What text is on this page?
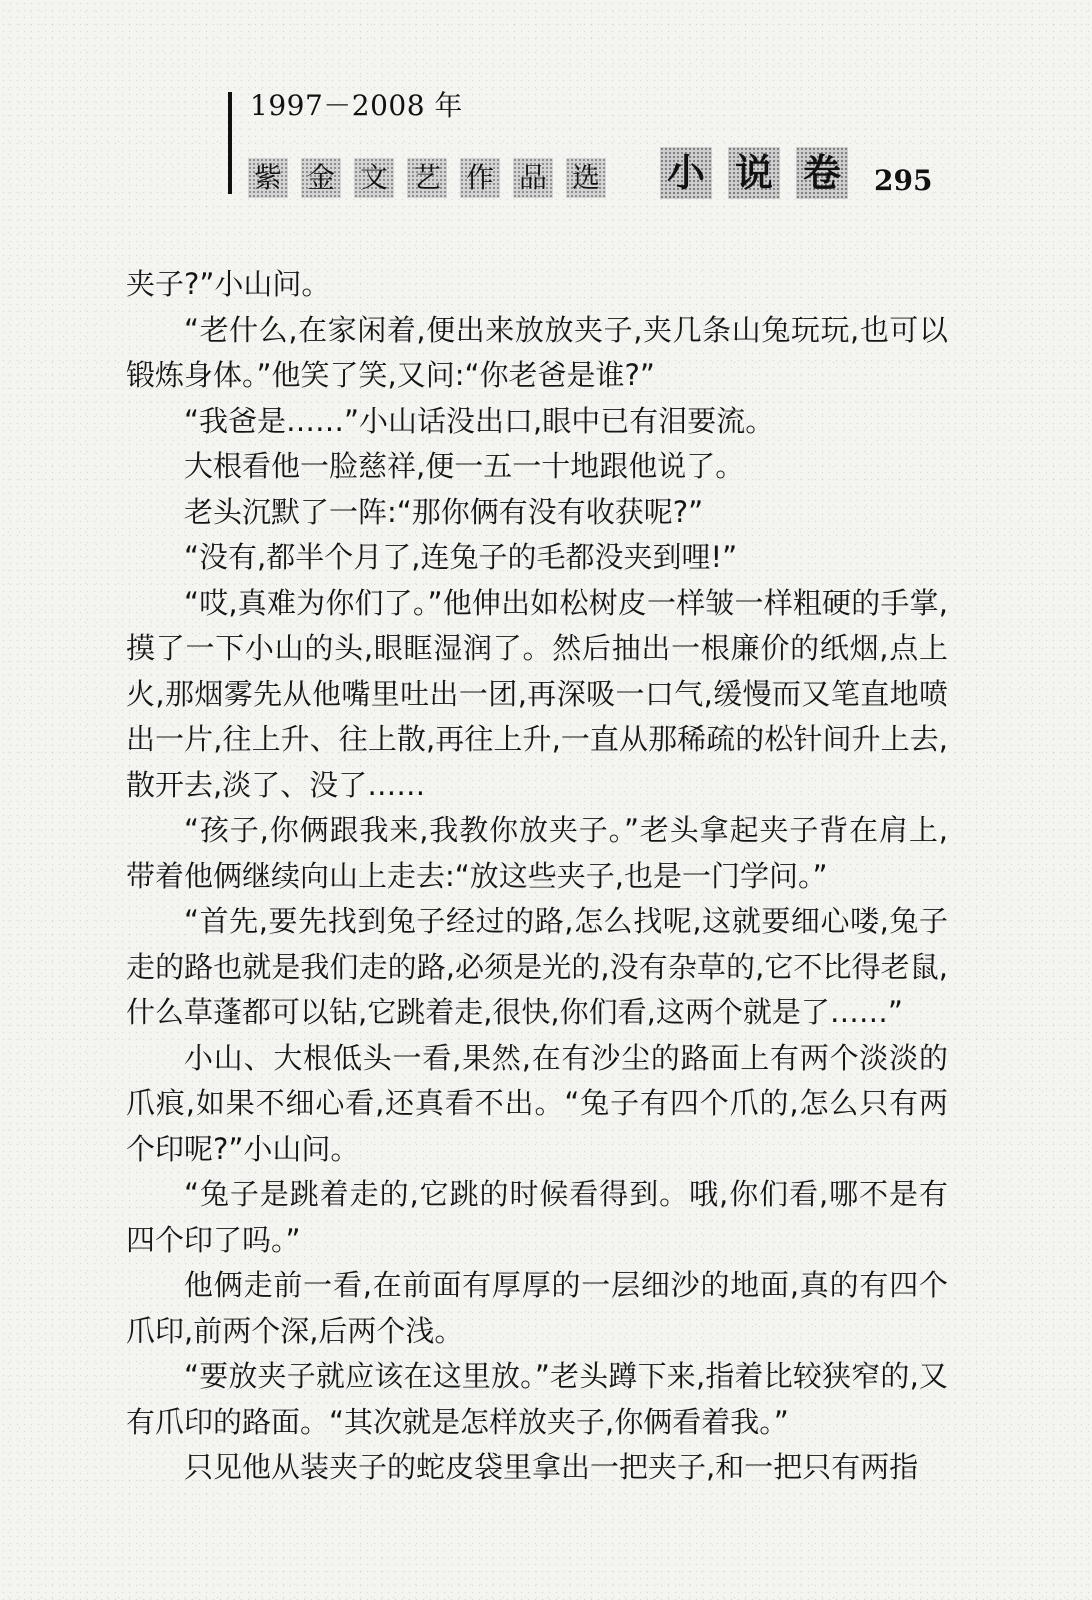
1997－2008 年
紫 金 文 艺 作 品 选 小 说 卷 295

夹子?”小山问。

“老什么,在家闲着,便出来放放夹子,夹几条山兔玩玩,也可以锻炼身体。”他笑了笑,又问:“你老爸是谁?”

“我爸是……”小山话没出口,眼中已有泪要流。

大根看他一脸慈祥,便一五一十地跟他说了。

老头沉默了一阵:“那你俩有没有收获呢?”

“没有,都半个月了,连兔子的毛都没夹到哩!”

“哎,真难为你们了。”他伸出如松树皮一样皱一样粗硬的手掌,摸了一下小山的头,眼眶湿润了。然后抽出一根廉价的纸烟,点上火,那烟雾先从他嘴里吐出一团,再深吸一口气,缓慢而又笔直地喷出一片,往上升、往上散,再往上升,一直从那稀疏的松针间升上去,散开去,淡了、没了……

“孩子,你俩跟我来,我教你放夹子。”老头拿起夹子背在肩上,带着他俩继续向山上走去:“放这些夹子,也是一门学问。”

“首先,要先找到兔子经过的路,怎么找呢,这就要细心喽,兔子走的路也就是我们走的路,必须是光的,没有杂草的,它不比得老鼠,什么草蓬都可以钻,它跳着走,很快,你们看,这两个就是了……”

小山、大根低头一看,果然,在有沙尘的路面上有两个淡淡的爪痕,如果不细心看,还真看不出。“兔子有四个爪的,怎么只有两个印呢?”小山问。

“兔子是跳着走的,它跳的时候看得到。哦,你们看,哪不是有四个印了吗。”

他俩走前一看,在前面有厚厚的一层细沙的地面,真的有四个爪印,前两个深,后两个浅。

“要放夹子就应该在这里放。”老头蹲下来,指着比较狭窄的,又有爪印的路面。“其次就是怎样放夹子,你俩看着我。”

只见他从装夹子的蛇皮袋里拿出一把夹子,和一把只有两指
